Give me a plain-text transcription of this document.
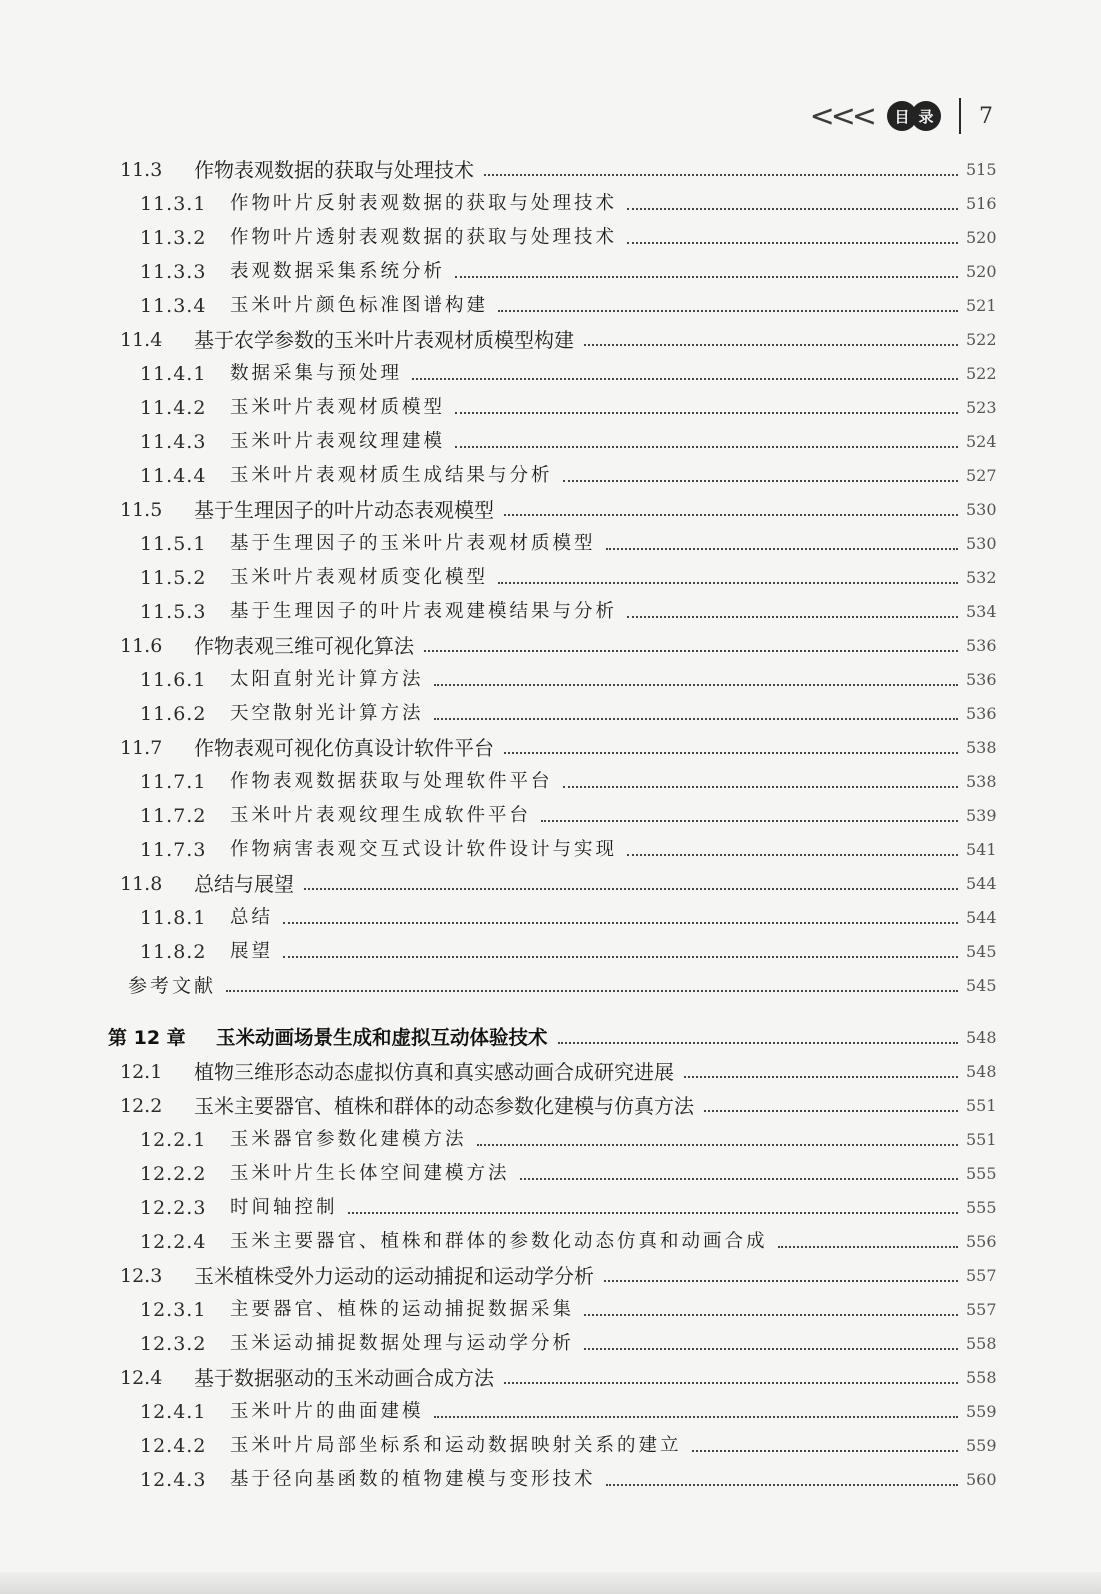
<<<	目 录	7
11.3	作物表观数据的获取与处理技术	515
11.3.1	作物叶片反射表观数据的获取与处理技术	516
11.3.2	作物叶片透射表观数据的获取与处理技术	520
11.3.3	表观数据采集系统分析	520
11.3.4	玉米叶片颜色标准图谱构建	521
11.4	基于农学参数的玉米叶片表观材质模型构建	522
11.4.1	数据采集与预处理	522
11.4.2	玉米叶片表观材质模型	523
11.4.3	玉米叶片表观纹理建模	524
11.4.4	玉米叶片表观材质生成结果与分析	527
11.5	基于生理因子的叶片动态表观模型	530
11.5.1	基于生理因子的玉米叶片表观材质模型	530
11.5.2	玉米叶片表观材质变化模型	532
11.5.3	基于生理因子的叶片表观建模结果与分析	534
11.6	作物表观三维可视化算法	536
11.6.1	太阳直射光计算方法	536
11.6.2	天空散射光计算方法	536
11.7	作物表观可视化仿真设计软件平台	538
11.7.1	作物表观数据获取与处理软件平台	538
11.7.2	玉米叶片表观纹理生成软件平台	539
11.7.3	作物病害表观交互式设计软件设计与实现	541
11.8	总结与展望	544
11.8.1	总结	544
11.8.2	展望	545
参考文献	545
第 12 章	玉米动画场景生成和虚拟互动体验技术	548
12.1	植物三维形态动态虚拟仿真和真实感动画合成研究进展	548
12.2	玉米主要器官、植株和群体的动态参数化建模与仿真方法	551
12.2.1	玉米器官参数化建模方法	551
12.2.2	玉米叶片生长体空间建模方法	555
12.2.3	时间轴控制	555
12.2.4	玉米主要器官、植株和群体的参数化动态仿真和动画合成	556
12.3	玉米植株受外力运动的运动捕捉和运动学分析	557
12.3.1	主要器官、植株的运动捕捉数据采集	557
12.3.2	玉米运动捕捉数据处理与运动学分析	558
12.4	基于数据驱动的玉米动画合成方法	558
12.4.1	玉米叶片的曲面建模	559
12.4.2	玉米叶片局部坐标系和运动数据映射关系的建立	559
12.4.3	基于径向基函数的植物建模与变形技术	560
